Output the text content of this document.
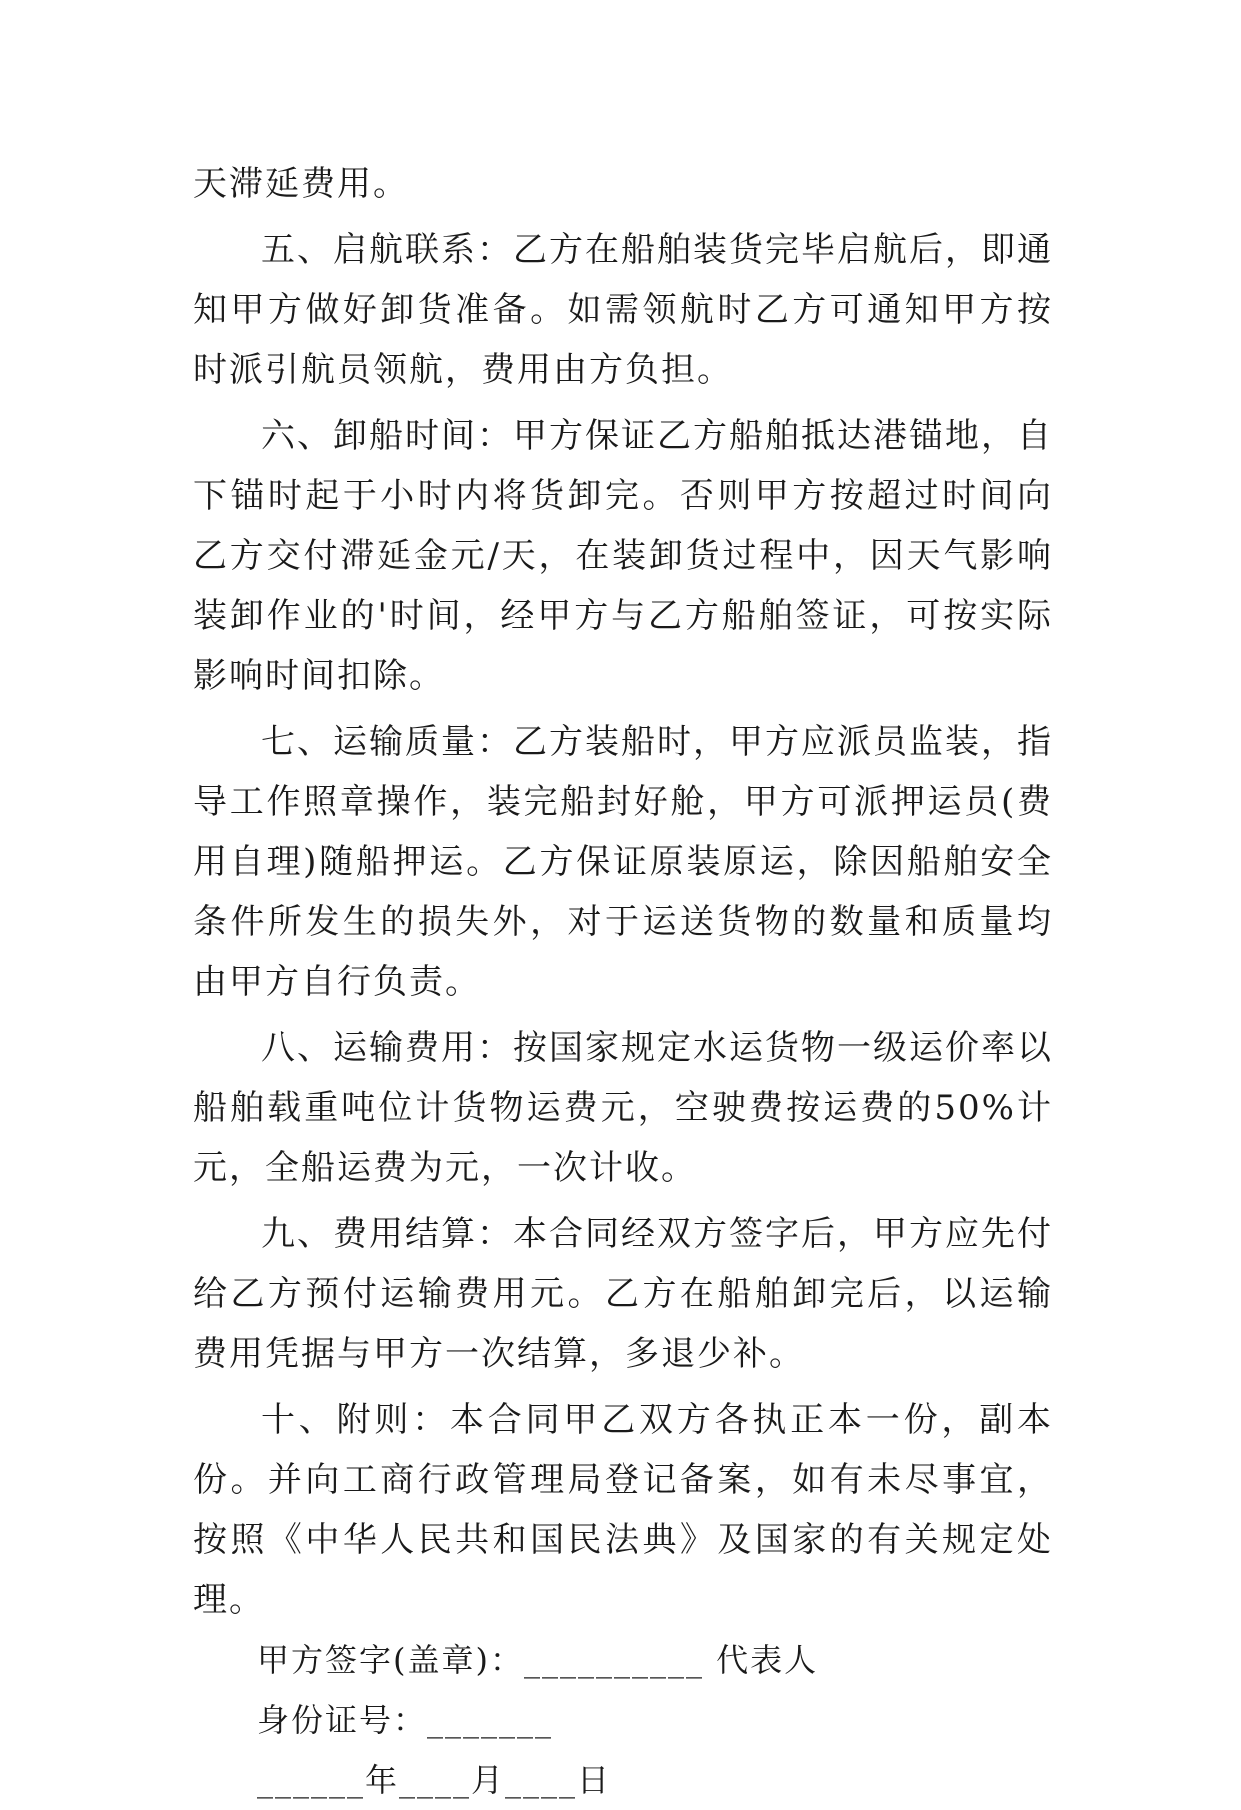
天滞延费用。

五、启航联系：乙方在船舶装货完毕启航后，即通知甲方做好卸货准备。如需领航时乙方可通知甲方按时派引航员领航，费用由方负担。

六、卸船时间：甲方保证乙方船舶抵达港锚地，自下锚时起于小时内将货卸完。否则甲方按超过时间向乙方交付滞延金元/天，在装卸货过程中，因天气影响装卸作业的'时间，经甲方与乙方船舶签证，可按实际影响时间扣除。

七、运输质量：乙方装船时，甲方应派员监装，指导工作照章操作，装完船封好舱，甲方可派押运员(费用自理)随船押运。乙方保证原装原运，除因船舶安全条件所发生的损失外，对于运送货物的数量和质量均由甲方自行负责。

八、运输费用：按国家规定水运货物一级运价率以船舶载重吨位计货物运费元，空驶费按运费的50%计元，全船运费为元，一次计收。

九、费用结算：本合同经双方签字后，甲方应先付给乙方预付运输费用元。乙方在船舶卸完后，以运输费用凭据与甲方一次结算，多退少补。

十、附则：本合同甲乙双方各执正本一份，副本份。并向工商行政管理局登记备案，如有未尽事宜，按照《中华人民共和国民法典》及国家的有关规定处理。

甲方签字(盖章)：__________ 代表人

身份证号：_______

______年____月____日
